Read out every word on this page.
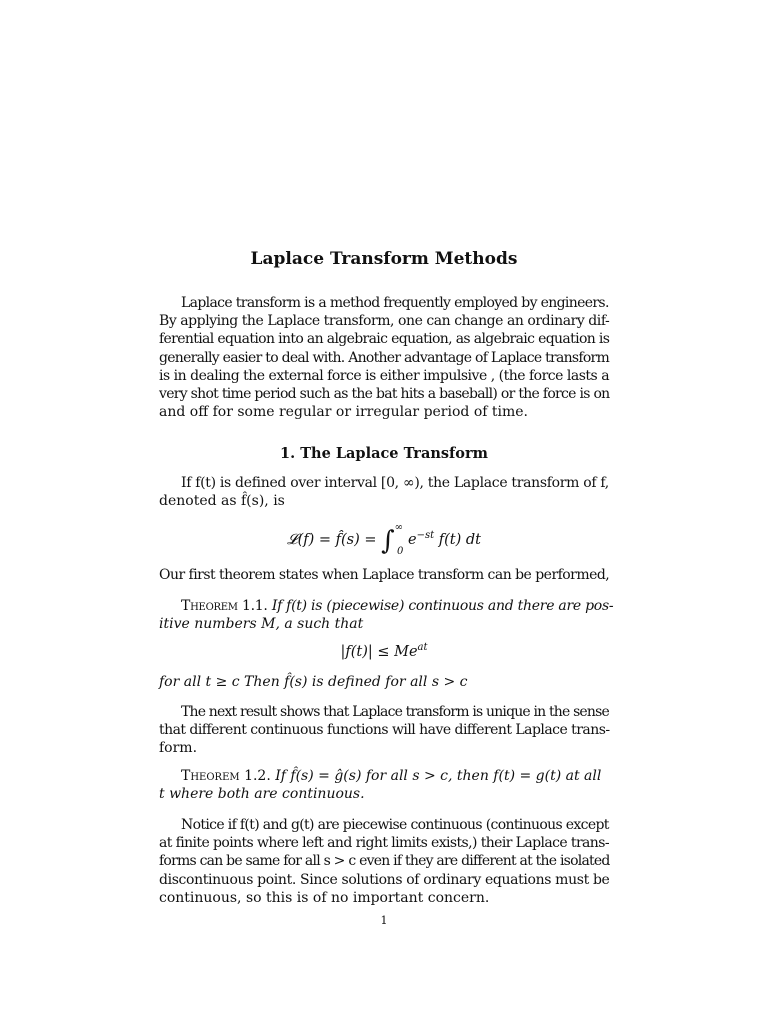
Laplace Transform Methods
Laplace transform is a method frequently employed by engineers.
By applying the Laplace transform, one can change an ordinary dif-
ferential equation into an algebraic equation, as algebraic equation is
generally easier to deal with. Another advantage of Laplace transform
is in dealing the external force is either impulsive , (the force lasts a
very shot time period such as the bat hits a baseball) or the force is on
and off for some regular or irregular period of time.
1. The Laplace Transform
If f(t) is defined over interval [0, ∞), the Laplace transform of f,
denoted as f̂(s), is
𝓛(f) = f̂(s) = $\int^\infty_0$ $e^{-st}$ f(t) dt
Our first theorem states when Laplace transform can be performed,
Theorem 1.1. If f(t) is (piecewise) continuous and there are pos-
itive numbers M, a such that
$|f(t)| \le Me^{at}$
for all t ≥ c Then f̂(s) is defined for all s > c
The next result shows that Laplace transform is unique in the sense
that different continuous functions will have different Laplace trans-
form.
Theorem 1.2. If f̂(s) = ĝ(s) for all s > c, then f(t) = g(t) at all
t where both are continuous.
Notice if f(t) and g(t) are piecewise continuous (continuous except
at finite points where left and right limits exists,) their Laplace trans-
forms can be same for all s > c even if they are different at the isolated
discontinuous point. Since solutions of ordinary equations must be
continuous, so this is of no important concern.
1
